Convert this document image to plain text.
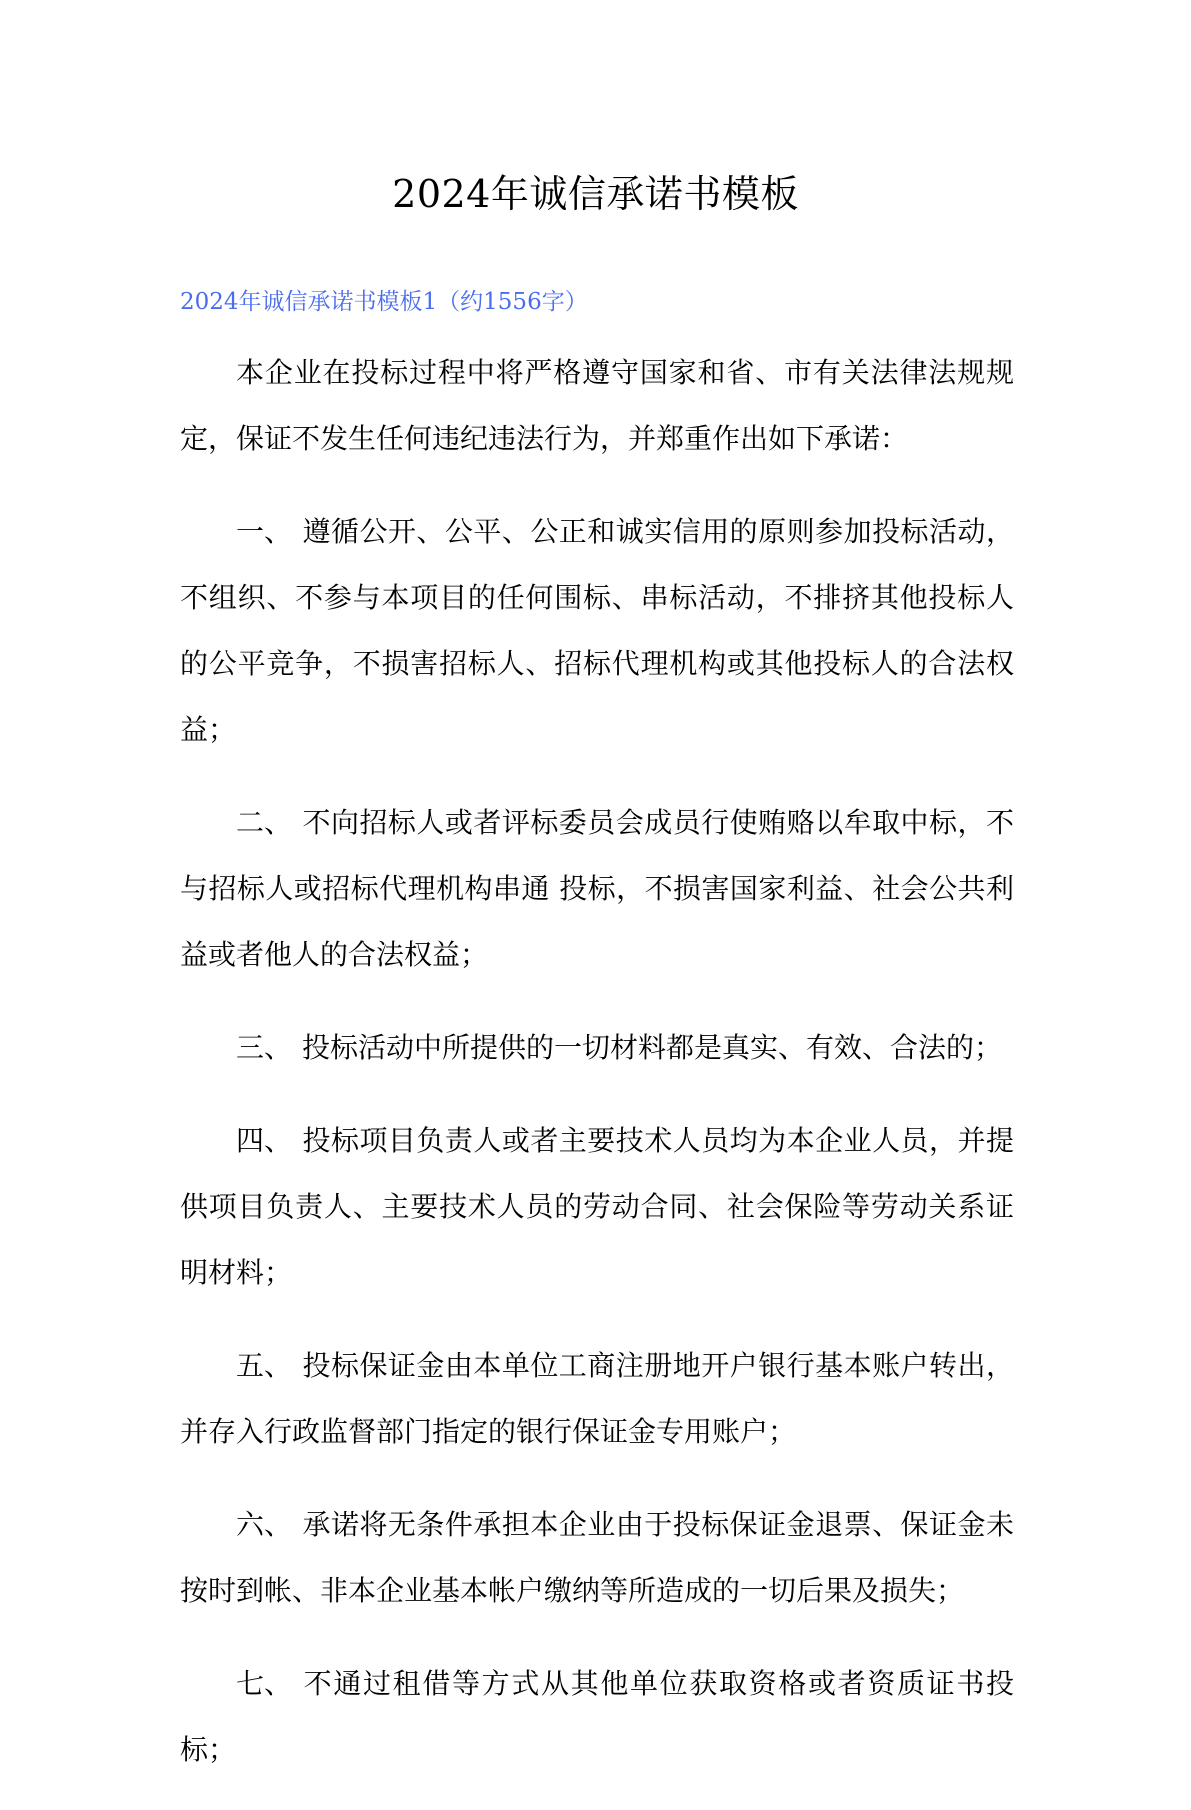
2024年诚信承诺书模板
2024年诚信承诺书模板1（约1556字）

本企业在投标过程中将严格遵守国家和省、市有关法律法规规定，保证不发生任何违纪违法行为，并郑重作出如下承诺：

一、 遵循公开、公平、公正和诚实信用的原则参加投标活动，不组织、不参与本项目的任何围标、串标活动，不排挤其他投标人的公平竞争，不损害招标人、招标代理机构或其他投标人的合法权益；

二、 不向招标人或者评标委员会成员行使贿赂以牟取中标，不与招标人或招标代理机构串通 投标，不损害国家利益、社会公共利益或者他人的合法权益；

三、 投标活动中所提供的一切材料都是真实、有效、合法的；

四、 投标项目负责人或者主要技术人员均为本企业人员，并提供项目负责人、主要技术人员的劳动合同、社会保险等劳动关系证明材料；

五、 投标保证金由本单位工商注册地开户银行基本账户转出，并存入行政监督部门指定的银行保证金专用账户；

六、 承诺将无条件承担本企业由于投标保证金退票、保证金未按时到帐、非本企业基本帐户缴纳等所造成的一切后果及损失；

七、 不通过租借等方式从其他单位获取资格或者资质证书投标；
